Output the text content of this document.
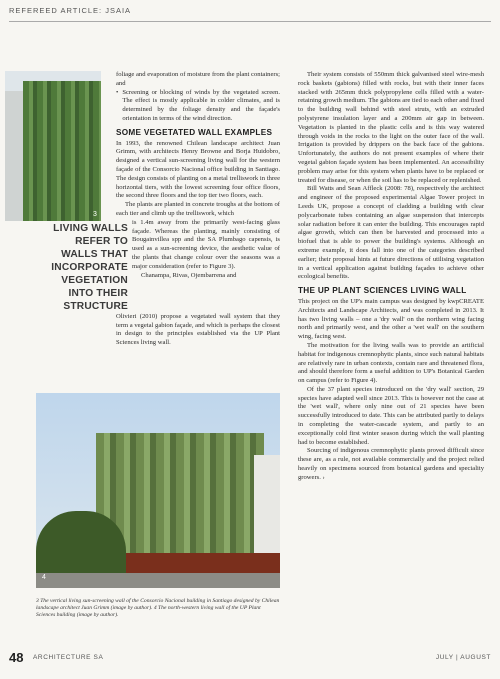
REFEREED ARTICLE: JSAIA
3

foliage and evaporation of moisture from the plant containers; and

• Screening or blocking of winds by the vegetated screen. The effect is mostly applicable in colder climates, and is determined by the foliage density and the façade's orientation in terms of the wind direction.
SOME VEGETATED WALL EXAMPLES

In 1993, the renowned Chilean landscape architect Juan Grimm, with architects Henry Browne and Borja Huidobro, designed a vertical sun-screening living wall for the western façade of the Consorcio Nacional office building in Santiago. The design consists of planting on a metal trelliswork in three horizontal tiers, with the lowest screening four office floors, the second three floors and the top tier two floors, each.

The plants are planted in concrete troughs at the bottom of each tier and climb up the trelliswork, which

LIVING WALLS REFER TO WALLS THAT INCORPORATE VEGETATION INTO THEIR STRUCTURE

is 1.4m away from the primarily west-facing glass façade. Whereas the planting, mainly consisting of Bougainvillea spp and the SA Plumbago capensis, is used as a sun-screening device, the aesthetic value of the plants that change colour over the seasons was a major consideration (refer to Figure 3).

Chanampa, Rivas, Ojembarrena and

Olivieri (2010) propose a vegetated wall system that they term a vegetal gabion façade, and which is perhaps the closest in design to the principles established via the UP Plant Sciences living wall.

Their system consists of 550mm thick galvanised steel wire-mesh rock baskets (gabions) filled with rocks, but with their inner faces stacked with 265mm thick polypropylene cells filled with a water-retaining growth medium. The gabions are tied to each other and fixed to the building wall behind with steel struts, with an extruded polystyrene insulation layer and a 200mm air gap in between. Vegetation is planted in the plastic cells and is this way watered through voids in the rocks to the light on the outer face of the wall. Irrigation is provided by drippers on the back face of the gabions. Unfortunately, the authors do not present examples of where their vegetal gabion façade system has been implemented. An accessibility problem may arise for this system when plants have to be replaced or treated for disease, or when the soil has to be replaced or replenished.

Bill Watts and Sean Affleck (2008: 78), respectively the architect and engineer of the proposed experimental Algae Tower project in Leeds UK, propose a concept of cladding a building with clear polycarbonate tubes containing an algae suspension that intercepts solar radiation before it can enter the building. This encourages rapid algae growth, which can then be harvested and processed into a biofuel that is able to power the building's systems. Although an extreme example, it does fall into one of the categories described earlier; their proposal hints at future directions of utilising vegetation in a vertical application against building façades to achieve other ecological benefits.

THE UP PLANT SCIENCES LIVING WALL

This project on the UP's main campus was designed by kwpCREATE Architects and Landscape Architects, and was completed in 2013. It has two living walls – one a 'dry wall' on the northern wing facing north and primarily west, and the other a 'wet wall' on the southern wing, facing west.

The motivation for the living walls was to provide an artificial habitat for indigenous cremnophytic plants, since such natural habitats are relatively rare in urban contexts, contain rare and threatened flora, and should therefore form a useful addition to UP's Botanical Garden on campus (refer to Figure 4).

Of the 37 plant species introduced on the 'dry wall' section, 29 species have adapted well since 2013. This is however not the case at the 'wet wall', where only nine out of 21 species have been successfully introduced to date. This can be attributed partly to delays in completing the water-cascade system, and partly to an exceptionally cold first winter season during which the wall planting had to become established.

Sourcing of indigenous cremnophytic plants proved difficult since these are, as a rule, not available commercially and the project relied heavily on specimens sourced from botanical gardens and speciality growers. ›

4
3 The vertical living sun-screening wall of the Consorcio Nacional building in Santiago designed by Chilean landscape architect Juan Grimm (image by author). 4 The north-western living wall of the UP Plant Sciences building (image by author).
48 ARCHITECTURE SA	JULY | AUGUST
